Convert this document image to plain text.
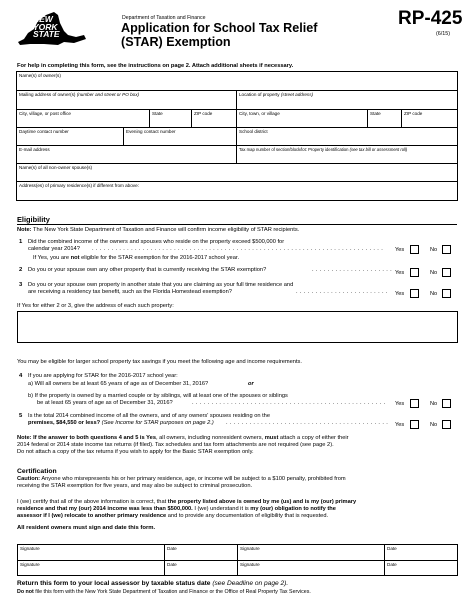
NEW
YORK
STATE
Department of Taxation and Finance
Application for School Tax Relief
(STAR) Exemption
RP-425
(6/15)
For help in completing this form, see the instructions on page 2. Attach additional sheets if necessary.
Name(s) of owner(s)
Mailing address of owner(s) (number and street or PO box)	Location of property (street address)
City, village, or post office	State	ZIP code	City, town, or village	State	ZIP code
Daytime contact number	Evening contact number	School district
E-mail address	Tax map number of section/block/lot: Property identification (see tax bill or assessment roll)
Name(s) of all non-owner spouse(s)
Address(es) of primary residence(s) if different from above:
Eligibility
Note: The New York State Department of Taxation and Finance will confirm income eligibility of STAR recipients.
1 Did the combined income of the owners and spouses who reside on the property exceed $500,000 for
calendar year 2014?	. . . . . . . . . . . . . . . . . . . . . . . . . . . . . . . . . . . . . . . . . . . . . . . . . . . . . . . . . . . . . . . . . . . . . . . . . . .
If Yes, you are not eligible for the STAR exemption for the 2016-2017 school year.
Yes	No
2 Do you or your spouse own any other property that is currently receiving the STAR exemption?	. . . . . . . . . . . . . . . . . . . . . Yes	No
3 Do you or your spouse own property in another state that you are claiming as your full time residence and
are receiving a residency tax benefit, such as the Florida Homestead exemption?	. . . . . . . . . . . . . . . . . . . . . . . .	Yes	No
If Yes for either 2 or 3, give the address of each such property:
You may be eligible for larger school property tax savings if you meet the following age and income requirements.
4 If you are applying for STAR for the 2016-2017 school year:
a) Will all owners be at least 65 years of age as of December 31, 2016?	or
b) If the property is owned by a married couple or by siblings, will at least one of the spouses or siblings
be at least 65 years of age as of December 31, 2016?	. . . . . . . . . . . . . . . . . . . . . . . . . . . . . . . . . . . . . . . . . . . . . . . . . .	Yes	No
5 Is the total 2014 combined income of all the owners, and of any owners' spouses residing on the
premises, $84,550 or less? (See Income for STAR purposes on page 2.)	. . . . . . . . . . . . . . . . . . . . . . . . . . . . . . . . . . . . . . . . . .	Yes	No
Note: If the answer to both questions 4 and 5 is Yes, all owners, including nonresident owners, must attach a copy of either their
2014 federal or 2014 state income tax returns (if filed). Tax schedules and tax form attachments are not required (see page 2).
Do not attach a copy of the tax returns if you wish to apply for the Basic STAR exemption only.
Certification
Caution: Anyone who misrepresents his or her primary residence, age, or income will be subject to a $100 penalty, prohibited from
receiving the STAR exemption for five years, and may also be subject to criminal prosecution.
I (we) certify that all of the above information is correct, that the property listed above is owned by me (us) and is my (our) primary
residence and that my (our) 2014 income was less than $500,000. I (we) understand it is my (our) obligation to notify the
assessor if I (we) relocate to another primary residence and to provide any documentation of eligibility that is requested.
All resident owners must sign and date this form.
Signature	Date	Signature	Date
Signature	Date	Signature	Date
Return this form to your local assessor by taxable status date (see Deadline on page 2).
Do not file this form with the New York State Department of Taxation and Finance or the Office of Real Property Tax Services.
